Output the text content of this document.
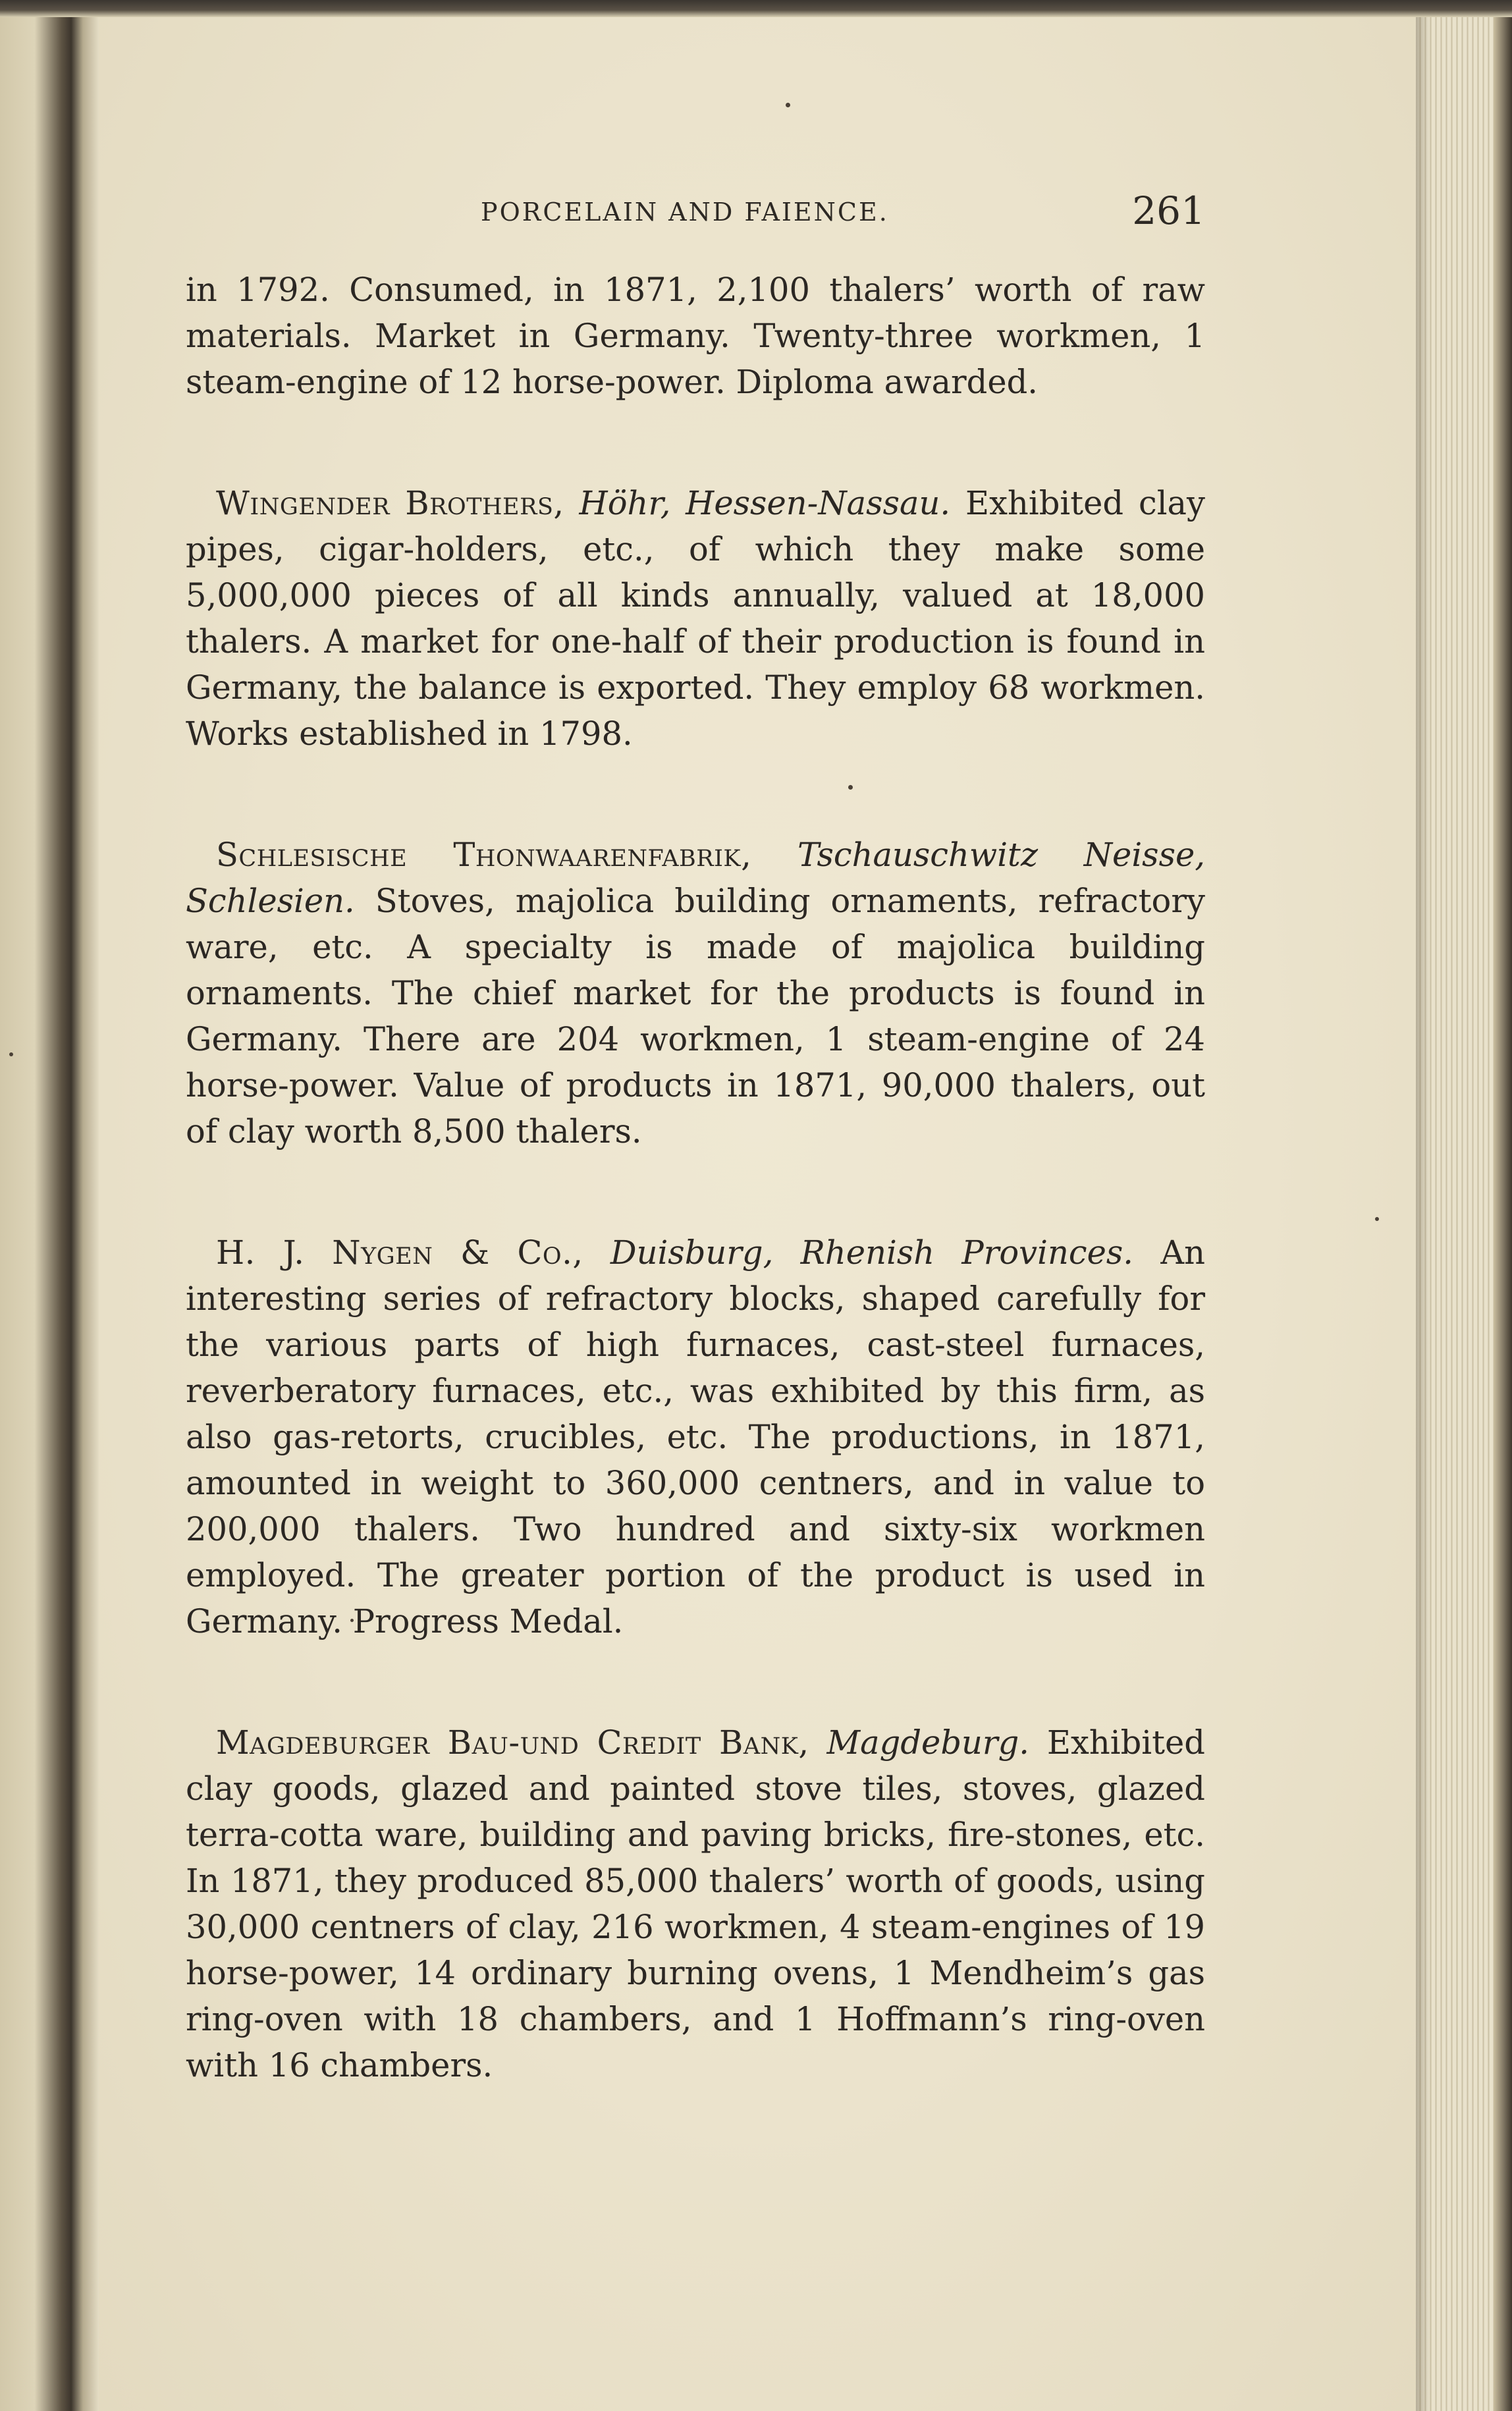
PORCELAIN AND FAIENCE.	261

in 1792. Consumed, in 1871, 2,100 thalers’ worth of raw materials. Market in Germany. Twenty-three workmen, 1 steam-engine of 12 horse-power. Diploma awarded.

Wingender Brothers, Höhr, Hessen-Nassau. Exhibited clay pipes, cigar-holders, etc., of which they make some 5,000,000 pieces of all kinds annually, valued at 18,000 thalers. A market for one-half of their production is found in Germany, the balance is exported. They employ 68 workmen. Works established in 1798.

Schlesische Thonwaarenfabrik, Tschauschwitz Neisse, Schlesien. Stoves, majolica building ornaments, refractory ware, etc. A specialty is made of majolica building ornaments. The chief market for the products is found in Germany. There are 204 workmen, 1 steam-engine of 24 horse-power. Value of products in 1871, 90,000 thalers, out of clay worth 8,500 thalers.

H. J. Nygen & Co., Duisburg, Rhenish Provinces. An interesting series of refractory blocks, shaped carefully for the various parts of high furnaces, cast-steel furnaces, reverberatory furnaces, etc., was exhibited by this firm, as also gas-retorts, crucibles, etc. The productions, in 1871, amounted in weight to 360,000 centners, and in value to 200,000 thalers. Two hundred and sixty-six workmen employed. The greater portion of the product is used in Germany. Progress Medal.

Magdeburger Bau-und Credit Bank, Magdeburg. Exhibited clay goods, glazed and painted stove tiles, stoves, glazed terra-cotta ware, building and paving bricks, fire-stones, etc. In 1871, they produced 85,000 thalers’ worth of goods, using 30,000 centners of clay, 216 workmen, 4 steam-engines of 19 horse-power, 14 ordinary burning ovens, 1 Mendheim’s gas ring-oven with 18 chambers, and 1 Hoffmann’s ring-oven with 16 chambers.
